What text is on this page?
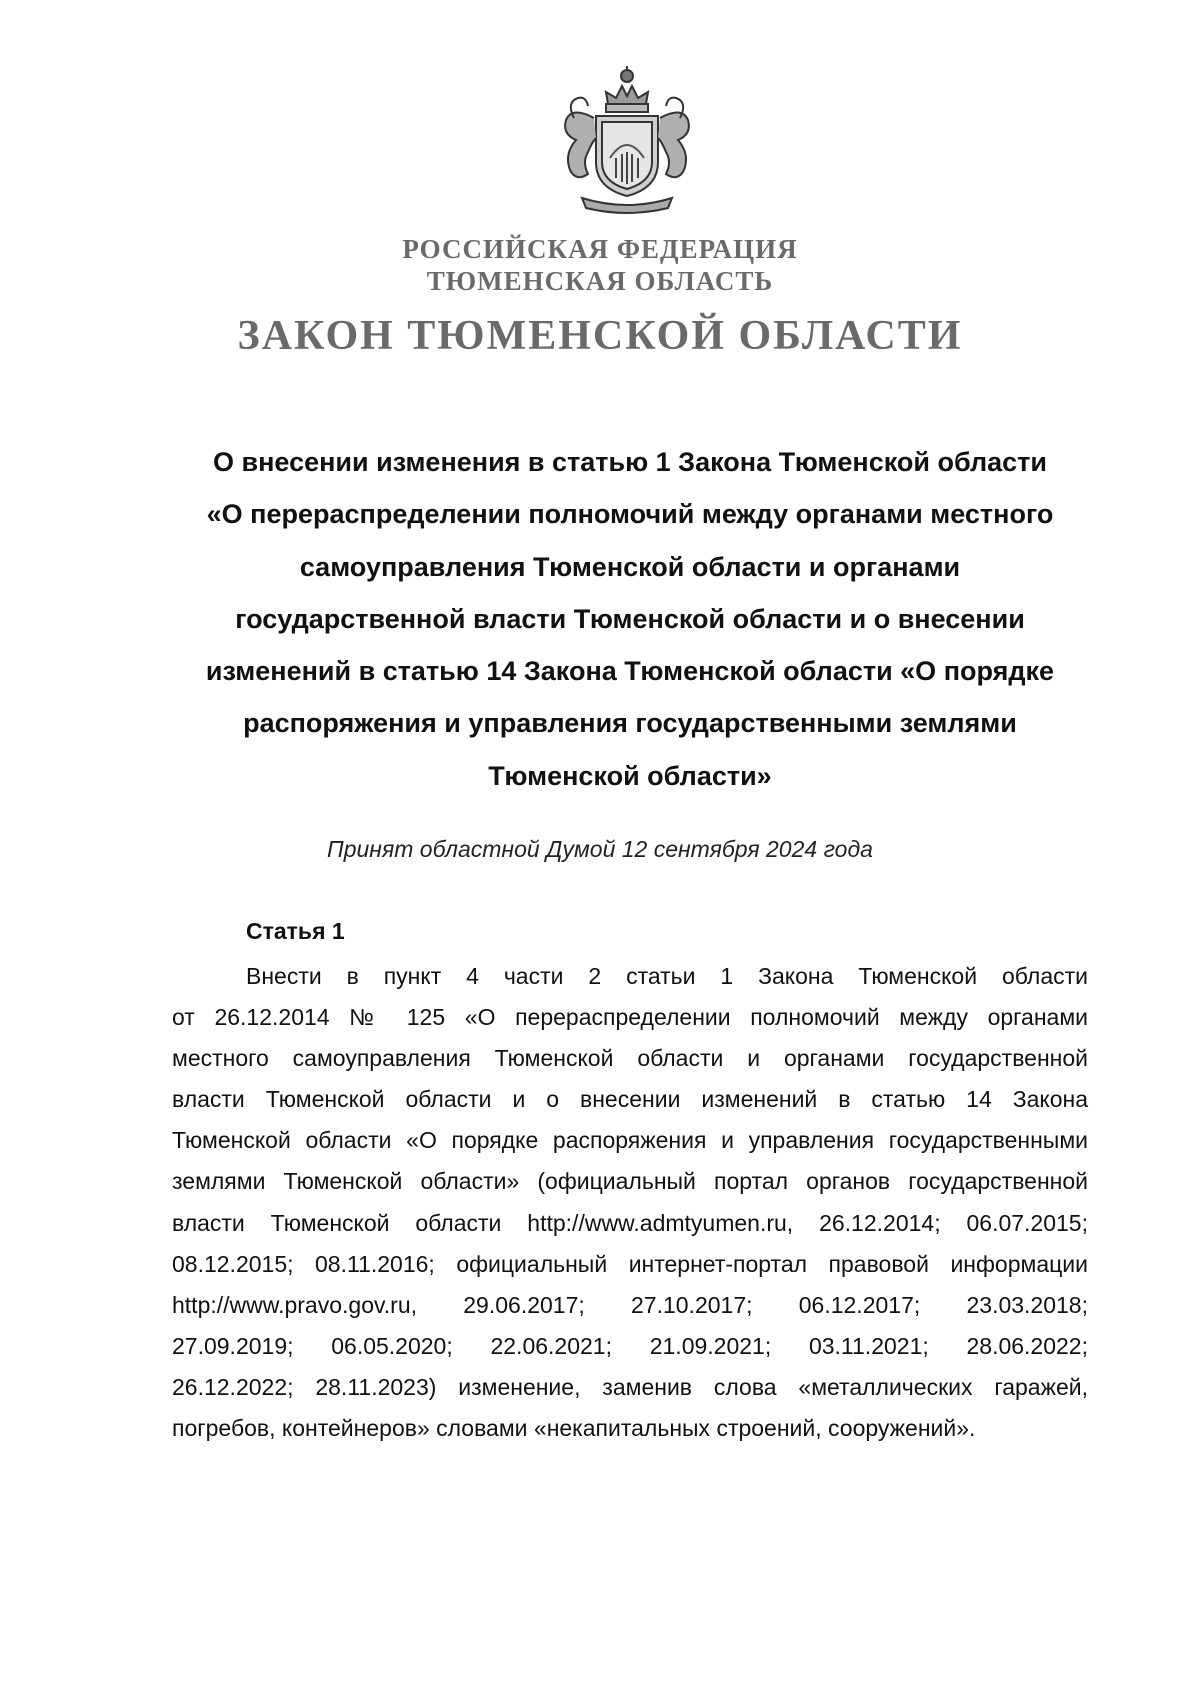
РОССИЙСКАЯ ФЕДЕРАЦИЯ
ТЮМЕНСКАЯ ОБЛАСТЬ
ЗАКОН ТЮМЕНСКОЙ ОБЛАСТИ
О внесении изменения в статью 1 Закона Тюменской области
«О перераспределении полномочий между органами местного
самоуправления Тюменской области и органами
государственной власти Тюменской области и о внесении
изменений в статью 14 Закона Тюменской области «О порядке
распоряжения и управления государственными землями
Тюменской области»
Принят областной Думой 12 сентября 2024 года
Статья 1
Внести в пункт 4 части 2 статьи 1 Закона Тюменской области
от 26.12.2014 № 125 «О перераспределении полномочий между органами
местного самоуправления Тюменской области и органами государственной
власти Тюменской области и о внесении изменений в статью 14 Закона
Тюменской области «О порядке распоряжения и управления государственными
землями Тюменской области» (официальный портал органов государственной
власти Тюменской области http://www.admtyumen.ru, 26.12.2014; 06.07.2015;
08.12.2015; 08.11.2016; официальный интернет-портал правовой информации
http://www.pravo.gov.ru, 29.06.2017; 27.10.2017; 06.12.2017; 23.03.2018;
27.09.2019; 06.05.2020; 22.06.2021; 21.09.2021; 03.11.2021; 28.06.2022;
26.12.2022; 28.11.2023) изменение, заменив слова «металлических гаражей,
погребов, контейнеров» словами «некапитальных строений, сооружений».
